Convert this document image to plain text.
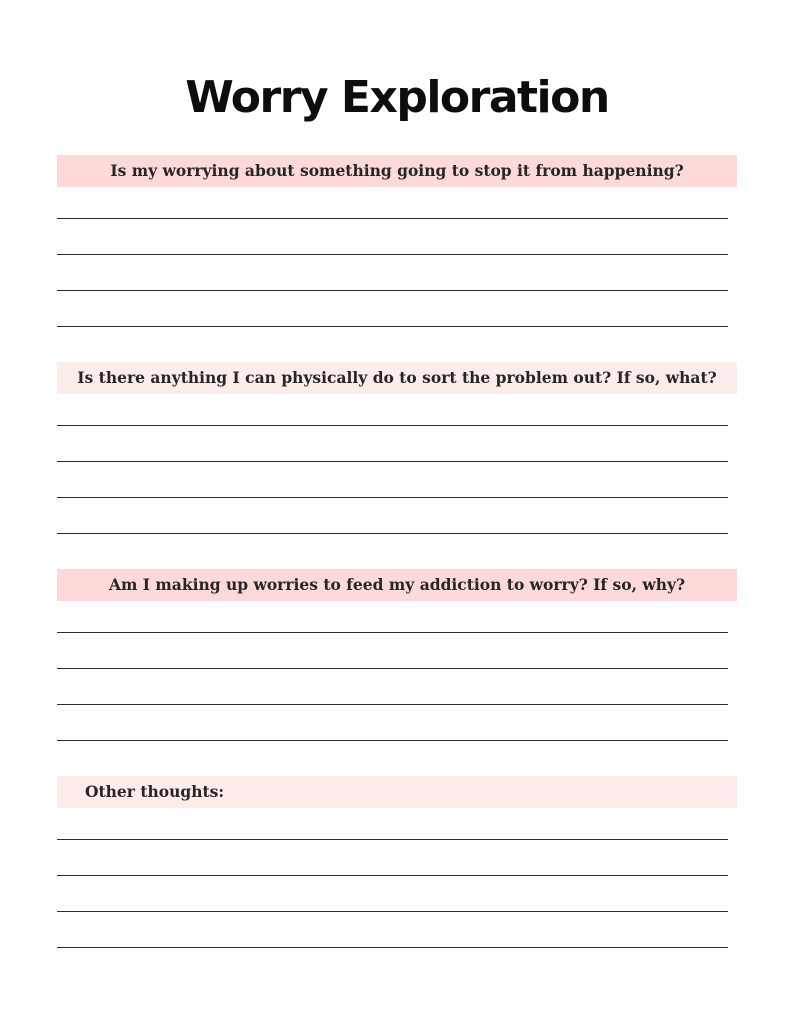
Worry Exploration
Is my worrying about something going to stop it from happening?
Is there anything I can physically do to sort the problem out? If so, what?
Am I making up worries to feed my addiction to worry? If so, why?
Other thoughts:
